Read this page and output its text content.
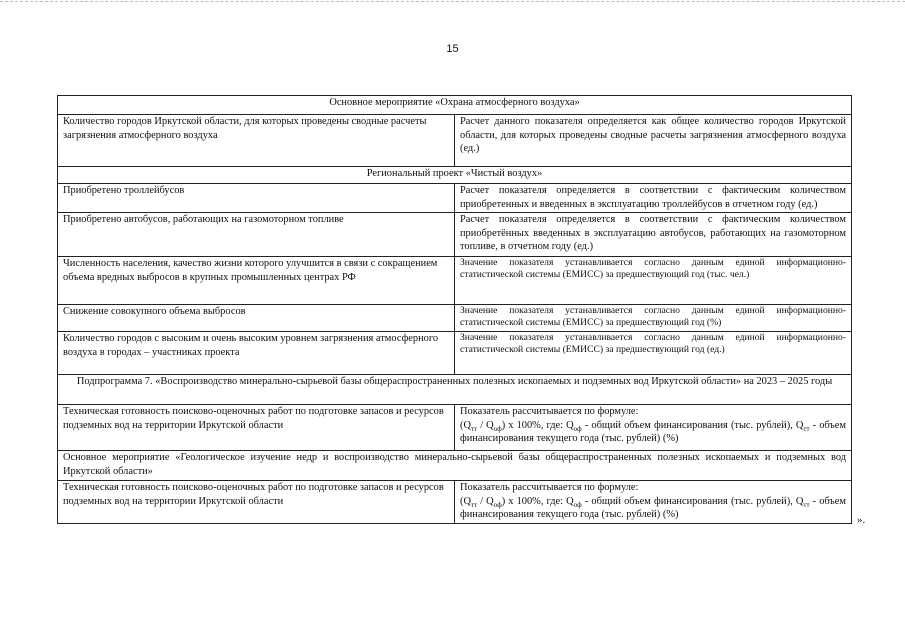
15
Основное мероприятие «Охрана атмосферного воздуха»	
Количество городов Иркутской области, для которых проведены сводные расчеты загрязнения атмосферного воздуха	Расчет данного показателя определяется как общее количество городов Иркутской области, для которых проведены сводные расчеты загрязнения атмосферного воздуха (ед.)
Региональный проект «Чистый воздух»	
Приобретено троллейбусов	Расчет показателя определяется в соответствии с фактическим количеством приобретенных и введенных в эксплуатацию троллейбусов в отчетном году (ед.)
Приобретено автобусов, работающих на газомоторном топливе	Расчет показателя определяется в соответствии с фактическим количеством приобретённых введенных в эксплуатацию автобусов, работающих на газомоторном топливе, в отчетном году (ед.)
Численность населения, качество жизни которого улучшится в связи с сокращением объема вредных выбросов в крупных промышленных центрах РФ	Значение показателя устанавливается согласно данным единой информационно-статистической системы (ЕМИСС) за предшествующий год (тыс. чел.)
Снижение совокупного объема выбросов	Значение показателя устанавливается согласно данным единой информационно-статистической системы (ЕМИСС) за предшествующий год (%)
Количество городов с высоким и очень высоким уровнем загрязнения атмосферного воздуха в городах – участниках проекта	Значение показателя устанавливается согласно данным единой информационно-статистической системы (ЕМИСС) за предшествующий год (ед.)
Подпрограмма 7. «Воспроизводство минерально-сырьевой базы общераспространенных полезных ископаемых и подземных вод Иркутской области» на 2023 – 2025 годы	
Техническая готовность поисково-оценочных работ по подготовке запасов и ресурсов подземных вод на территории Иркутской области	Показатель рассчитывается по формуле:
$(Q_{тт} / Q_{оф})$ х 100%, где: $Q_{оф}$ - общий объем финансирования (тыс. рублей), $Q_{тт}$ - объем финансирования текущего года (тыс. рублей) (%)

Основное мероприятие «Геологическое изучение недр и воспроизводство минерально-сырьевой базы общераспространенных полезных ископаемых и подземных вод Иркутской области»	
Техническая готовность поисково-оценочных работ по подготовке запасов и ресурсов подземных вод на территории Иркутской области	Показатель рассчитывается по формуле:
$(Q_{тт} / Q_{оф})$ х 100%, где: $Q_{оф}$ - общий объем финансирования (тыс. рублей), $Q_{тт}$ - объем финансирования текущего года (тыс. рублей) (%)	».
